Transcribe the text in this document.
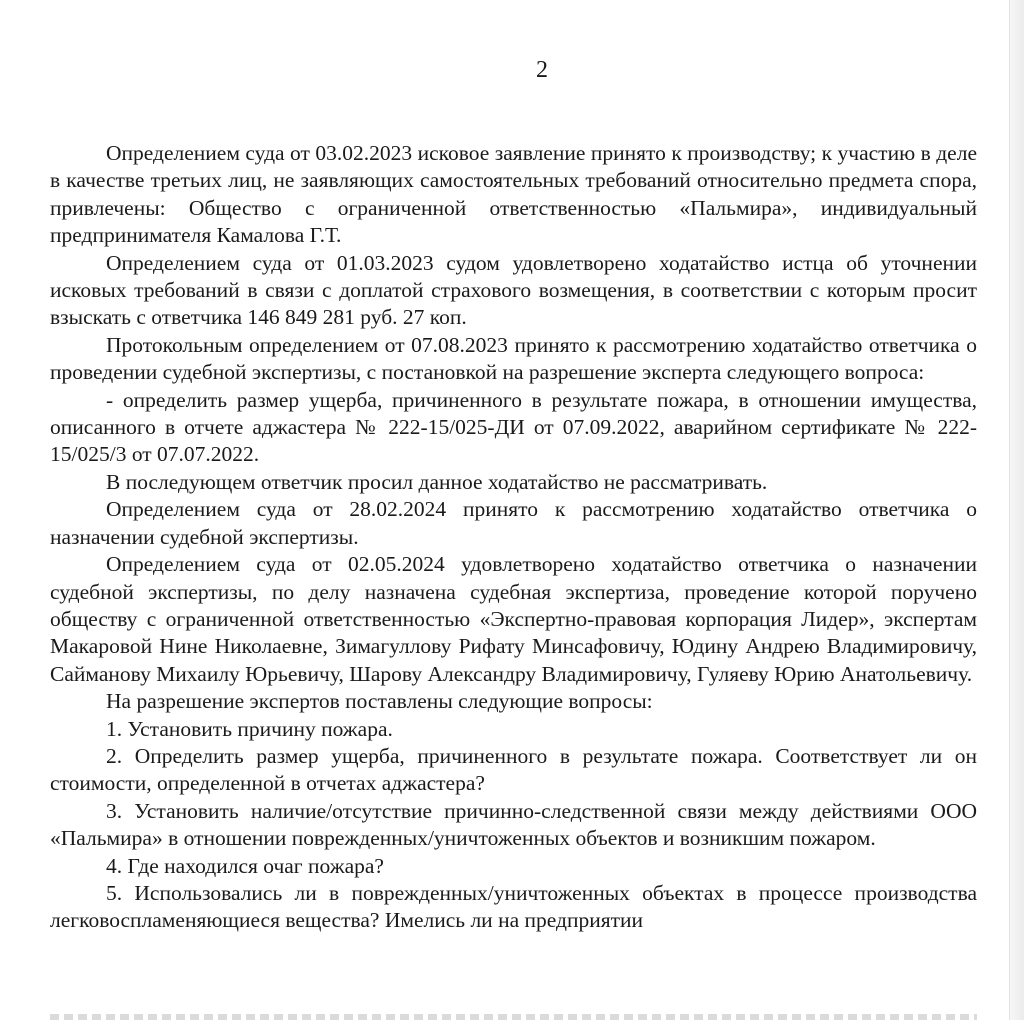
2

Определением суда от 03.02.2023 исковое заявление принято к производству; к участию в деле в качестве третьих лиц, не заявляющих самостоятельных требований относительно предмета спора, привлечены: Общество с ограниченной ответственностью «Пальмира», индивидуальный предпринимателя Камалова Г.Т.

Определением суда от 01.03.2023 судом удовлетворено ходатайство истца об уточнении исковых требований в связи с доплатой страхового возмещения, в соответствии с которым просит взыскать с ответчика 146 849 281 руб. 27 коп.

Протокольным определением от 07.08.2023 принято к рассмотрению ходатайство ответчика о проведении судебной экспертизы, с постановкой на разрешение эксперта следующего вопроса:

- определить размер ущерба, причиненного в результате пожара, в отношении имущества, описанного в отчете аджастера № 222-15/025-ДИ от 07.09.2022, аварийном сертификате № 222-15/025/3 от 07.07.2022.

В последующем ответчик просил данное ходатайство не рассматривать.

Определением суда от 28.02.2024 принято к рассмотрению ходатайство ответчика о назначении судебной экспертизы.

Определением суда от 02.05.2024 удовлетворено ходатайство ответчика о назначении судебной экспертизы, по делу назначена судебная экспертиза, проведение которой поручено обществу с ограниченной ответственностью «Экспертно-правовая корпорация Лидер», экспертам Макаровой Нине Николаевне, Зимагуллову Рифату Минсафовичу, Юдину Андрею Владимировичу, Сайманову Михаилу Юрьевичу, Шарову Александру Владимировичу, Гуляеву Юрию Анатольевичу.

На разрешение экспертов поставлены следующие вопросы:

1. Установить причину пожара.

2. Определить размер ущерба, причиненного в результате пожара. Соответствует ли он стоимости, определенной в отчетах аджастера?

3. Установить наличие/отсутствие причинно-следственной связи между действиями ООО «Пальмира» в отношении поврежденных/уничтоженных объектов и возникшим пожаром.

4. Где находился очаг пожара?

5. Использовались ли в поврежденных/уничтоженных объектах в процессе производства легковоспламеняющиеся вещества? Имелись ли на предприятии
